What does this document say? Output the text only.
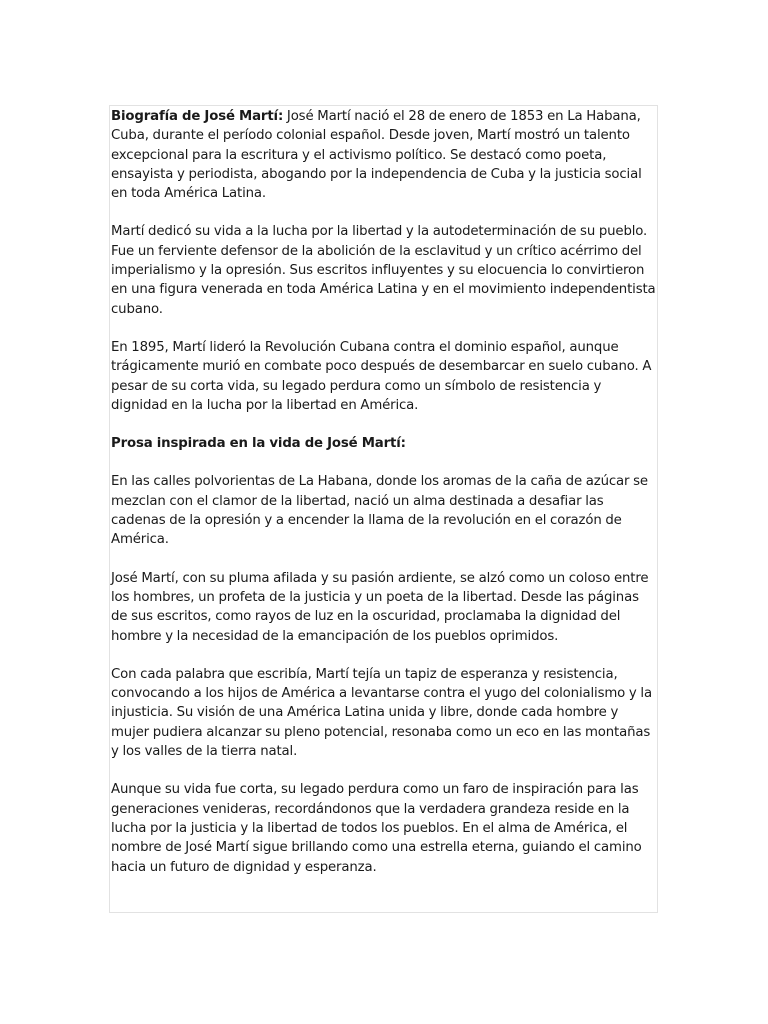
Biografía de José Martí: José Martí nació el 28 de enero de 1853 en La Habana, Cuba, durante el período colonial español. Desde joven, Martí mostró un talento excepcional para la escritura y el activismo político. Se destacó como poeta, ensayista y periodista, abogando por la independencia de Cuba y la justicia social en toda América Latina.

Martí dedicó su vida a la lucha por la libertad y la autodeterminación de su pueblo. Fue un ferviente defensor de la abolición de la esclavitud y un crítico acérrimo del imperialismo y la opresión. Sus escritos influyentes y su elocuencia lo convirtieron en una figura venerada en toda América Latina y en el movimiento independentista cubano.

En 1895, Martí lideró la Revolución Cubana contra el dominio español, aunque trágicamente murió en combate poco después de desembarcar en suelo cubano. A pesar de su corta vida, su legado perdura como un símbolo de resistencia y dignidad en la lucha por la libertad en América.

Prosa inspirada en la vida de José Martí:

En las calles polvorientas de La Habana, donde los aromas de la caña de azúcar se mezclan con el clamor de la libertad, nació un alma destinada a desafiar las cadenas de la opresión y a encender la llama de la revolución en el corazón de América.

José Martí, con su pluma afilada y su pasión ardiente, se alzó como un coloso entre los hombres, un profeta de la justicia y un poeta de la libertad. Desde las páginas de sus escritos, como rayos de luz en la oscuridad, proclamaba la dignidad del hombre y la necesidad de la emancipación de los pueblos oprimidos.

Con cada palabra que escribía, Martí tejía un tapiz de esperanza y resistencia, convocando a los hijos de América a levantarse contra el yugo del colonialismo y la injusticia. Su visión de una América Latina unida y libre, donde cada hombre y mujer pudiera alcanzar su pleno potencial, resonaba como un eco en las montañas y los valles de la tierra natal.

Aunque su vida fue corta, su legado perdura como un faro de inspiración para las generaciones venideras, recordándonos que la verdadera grandeza reside en la lucha por la justicia y la libertad de todos los pueblos. En el alma de América, el nombre de José Martí sigue brillando como una estrella eterna, guiando el camino hacia un futuro de dignidad y esperanza.
